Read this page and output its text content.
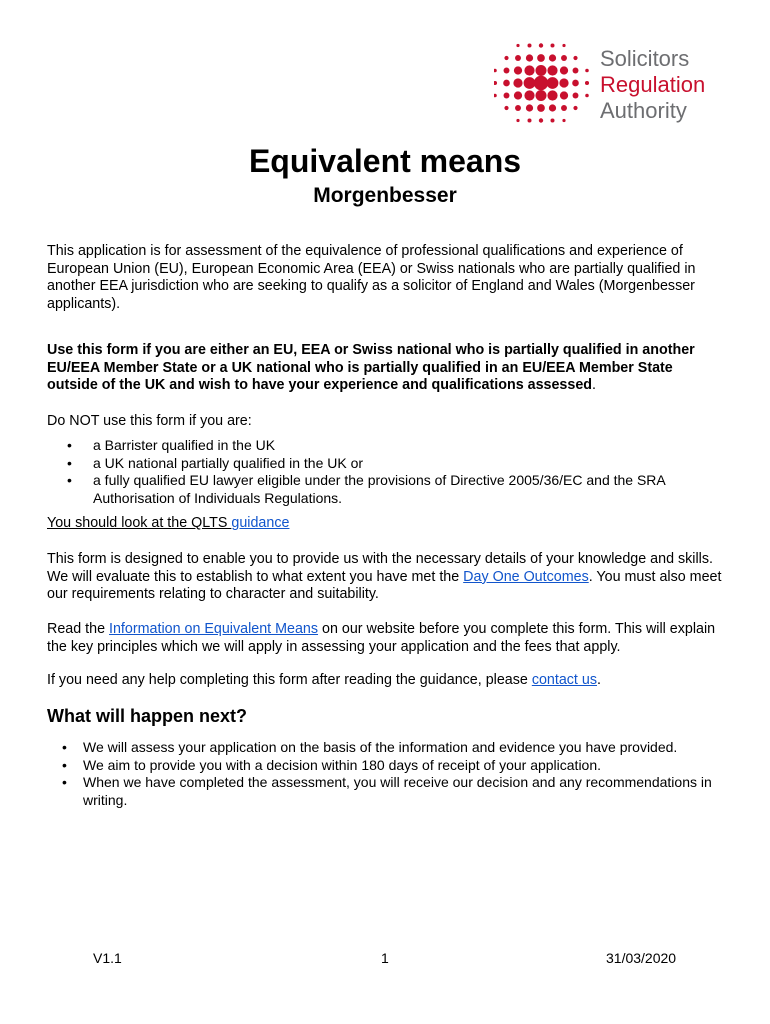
Solicitors
Regulation
Authority
Equivalent means
Morgenbesser
This application is for assessment of the equivalence of professional qualifications and experience of European Union (EU), European Economic Area (EEA) or Swiss nationals who are partially qualified in another EEA jurisdiction who are seeking to qualify as a solicitor of England and Wales (Morgenbesser applicants).
Use this form if you are either an EU, EEA or Swiss national who is partially qualified in another EU/EEA Member State or a UK national who is partially qualified in an EU/EEA Member State outside of the UK and wish to have your experience and qualifications assessed.
Do NOT use this form if you are:
• a Barrister qualified in the UK
• a UK national partially qualified in the UK or
• a fully qualified EU lawyer eligible under the provisions of Directive 2005/36/EC and the SRA Authorisation of Individuals Regulations.
You should look at the QLTS guidance
This form is designed to enable you to provide us with the necessary details of your knowledge and skills. We will evaluate this to establish to what extent you have met the Day One Outcomes. You must also meet our requirements relating to character and suitability.
Read the Information on Equivalent Means on our website before you complete this form. This will explain the key principles which we will apply in assessing your application and the fees that apply.
If you need any help completing this form after reading the guidance, please contact us.
What will happen next?
• We will assess your application on the basis of the information and evidence you have provided.
• We aim to provide you with a decision within 180 days of receipt of your application.
• When we have completed the assessment, you will receive our decision and any recommendations in writing.
V1.1	1	31/03/2020
